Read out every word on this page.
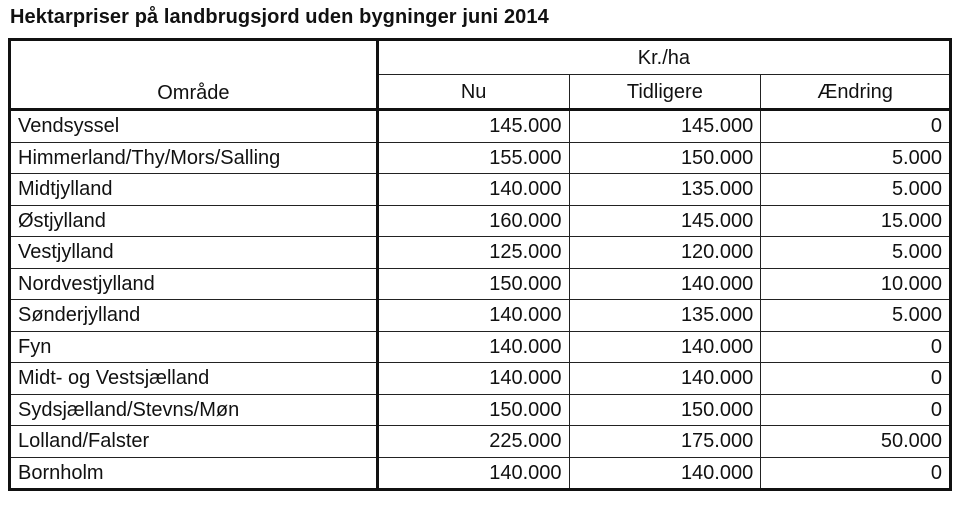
Hektarpriser på landbrugsjord uden bygninger juni 2014
Område	Kr./ha		
	Nu	Tidligere	Ændring
Vendsyssel	145.000	145.000	0
Himmerland/Thy/Mors/Salling	155.000	150.000	5.000
Midtjylland	140.000	135.000	5.000
Østjylland	160.000	145.000	15.000
Vestjylland	125.000	120.000	5.000
Nordvestjylland	150.000	140.000	10.000
Sønderjylland	140.000	135.000	5.000
Fyn	140.000	140.000	0
Midt- og Vestsjælland	140.000	140.000	0
Sydsjælland/Stevns/Møn	150.000	150.000	0
Lolland/Falster	225.000	175.000	50.000
Bornholm	140.000	140.000	0
